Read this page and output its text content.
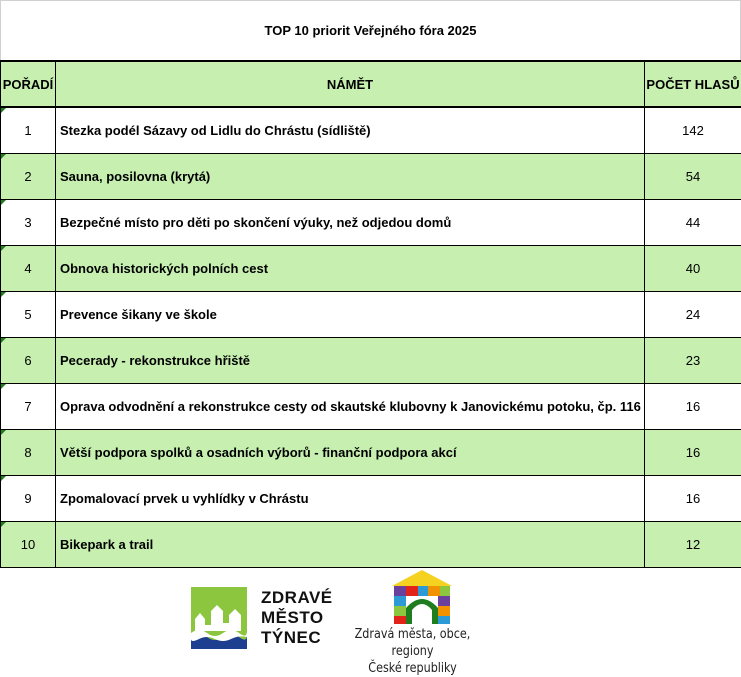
TOP 10 priorit Veřejného fóra 2025
POŘADÍ	NÁMĚT	POČET HLASŮ
1	Stezka podél Sázavy od Lidlu do Chrástu (sídliště)	142
2	Sauna, posilovna (krytá)	54
3	Bezpečné místo pro děti po skončení výuky, než odjedou domů	44
4	Obnova historických polních cest	40
5	Prevence šikany ve škole	24
6	Pecerady - rekonstrukce hřiště	23
7	Oprava odvodnění a rekonstrukce cesty od skautské klubovny k Janovickému potoku, čp. 116	16
8	Větší podpora spolků a osadních výborů - finanční podpora akcí	16
9	Zpomalovací prvek u vyhlídky v Chrástu	16
10	Bikepark a trail	12
ZDRAVÉ
MĚSTO
TÝNEC	Zdravá města, obce, regiony
České republiky
